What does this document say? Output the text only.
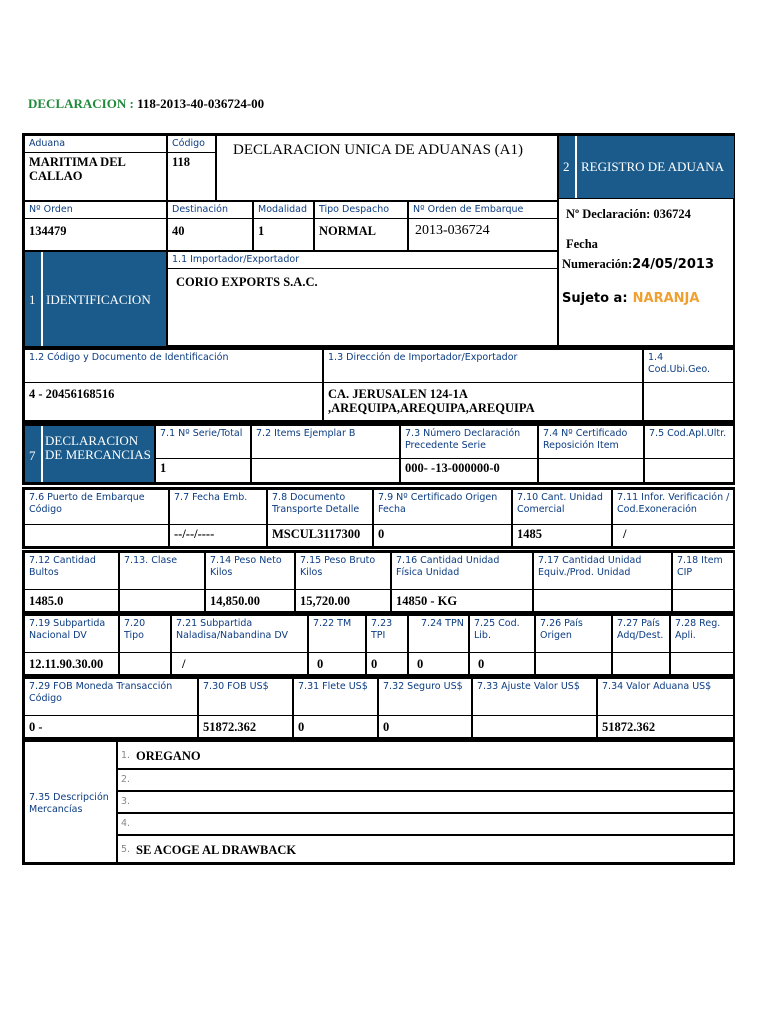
DECLARACION : 118-2013-40-036724-00
Aduana
MARITIMA DEL CALLAO
Código
118
DECLARACION UNICA DE ADUANAS (A1)
2 REGISTRO DE ADUANA
Nº Orden
134479
Destinación
40
Modalidad
1
Tipo Despacho
NORMAL
Nº Orden de Embarque
2013-036724
Nº Declaración: 036724
Fecha
Numeración:24/05/2013
Sujeto a: NARANJA
1 IDENTIFICACION
1.1 Importador/Exportador
CORIO EXPORTS S.A.C.
1.2 Código y Documento de Identificación
4 - 20456168516
1.3 Dirección de Importador/Exportador
CA. JERUSALEN 124-1A
,AREQUIPA,AREQUIPA,AREQUIPA
1.4
Cod.Ubi.Geo.
7
DECLARACION DE MERCANCIAS
7.1 Nº Serie/Total
1
7.2 Items Ejemplar B	7.3 Número Declaración Precedente Serie
000- -13-000000-0
7.4 Nº Certificado Reposición Item
7.5 Cod.Apl.Ultr.
7.6 Puerto de Embarque Código
7.7 Fecha Emb.
--/--/----
7.8 Documento Transporte Detalle
MSCUL3117300
7.9 Nº Certificado Origen Fecha
0
7.10 Cant. Unidad Comercial
1485
7.11 Infor. Verificación / Cod.Exoneración
/
7.12 Cantidad Bultos
1485.0
7.13. Clase	7.14 Peso Neto Kilos
14,850.00
7.15 Peso Bruto Kilos
15,720.00
7.16 Cantidad Unidad Física Unidad
14850 - KG
7.17 Cantidad Unidad Equiv./Prod. Unidad
7.18 Item CIP
7.19 Subpartida Nacional DV
12.11.90.30.00
7.20 Tipo
7.21 Subpartida Naladisa/Nabandina DV
/
7.22 TM
0
7.23 TPI
0
7.24 TPN
0
7.25 Cod. Lib.
0
7.26 País Origen
7.27 País Adq/Dest.
7.28 Reg. Apli.
7.29 FOB Moneda Transacción Código
0 -
7.30 FOB US$
51872.362
7.31 Flete US$
0
7.32 Seguro US$
0
7.33 Ajuste Valor US$	7.34 Valor Aduana US$
51872.362
7.35 Descripción Mercancías
1. OREGANO
2.
3.
4.
5. SE ACOGE AL DRAWBACK
